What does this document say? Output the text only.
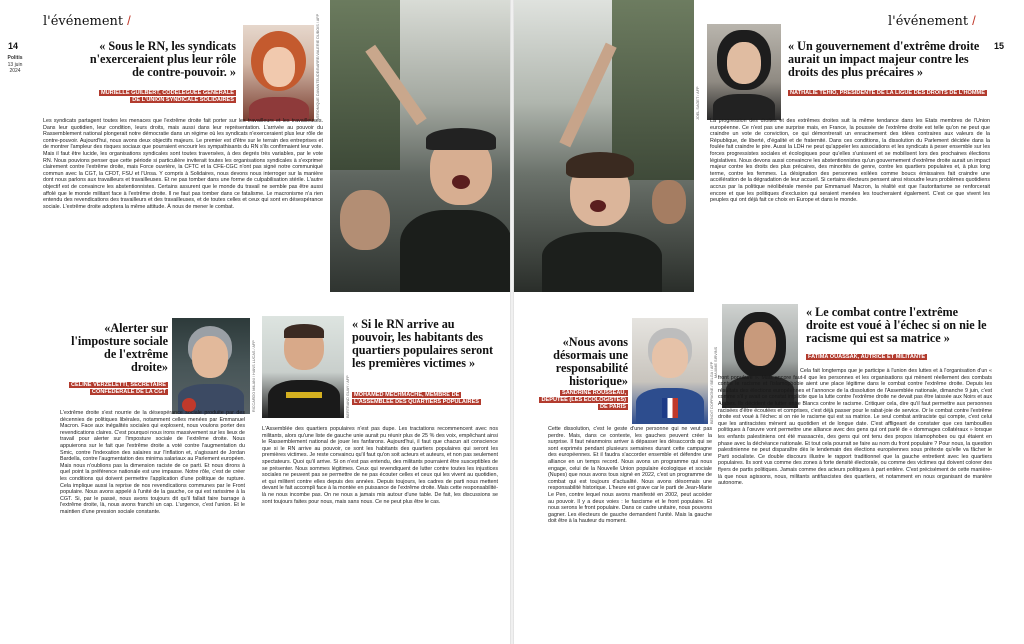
l'événement /
14
Politis
13 juin 2024
« Sous le RN, les syndicats n'exerceraient plus leur rôle de contre-pouvoir. »
MURIELLE GUILBERT, CODÉLÉGUÉE GÉNÉRALE DE L'UNION SYNDICALE SOLIDAIRES	VERONIQUE DAVANTEUDE/BARRE/VALERIE DUBOIS / AFP
Les syndicats partagent toutes les menaces que l'extrême droite fait porter sur les travailleurs et les travailleuses. Dans leur quotidien, leur condition, leurs droits, mais aussi dans leur représentation. L'arrivée au pouvoir du Rassemblement national plongerait notre démocratie dans un régime où les syndicats n'exerceraient plus leur rôle de contre-pouvoir. Aujourd'hui, nous avons deux objectifs majeurs. Le premier est d'être sur le terrain des entreprises et de montrer l'ampleur des risques sociaux que pourraient encourir les sympathisants du RN s'ils confirmaient leur vote. Mais il faut être lucide, les organisations syndicales sont toutes traversées, à des degrés très variables, par le vote RN. Nous pouvions penser que cette période si particulière inviterait toutes les organisations syndicales à s'exprimer clairement contre l'extrême droite, mais Force ouvrière, la CFTC et la CFE-CGC n'ont pas signé notre communiqué commun avec la CGT, la CFDT, FSU et l'Unsa. Y compris à Solidaires, nous devons nous interroger sur la manière dont nous parlons aux travailleurs et travailleuses. Et ne pas tomber dans une forme de culpabilisation stérile. L'autre objectif est de convaincre les abstentionnistes. Certains assurent que le monde du travail ne semble pas être aussi affolé que le monde militant face à l'extrême droite. Il ne faut pas tomber dans ce fatalisme. Le macronisme n'a rien entendu des revendications des travailleurs et des travailleuses, et de toutes celles et ceux qui sont en désespérance sociale. L'extrême droite adoptera la même attitude. À nous de mener le combat.
«Alerter sur l'imposture sociale de l'extrême droite»
CÉLINE VERZELETTI, SECRÉTAIRE CONFÉDÉRALE DE LA CGT	RICCARDO MILANI / HANS LUCAS / AFP
L'extrême droite s'est nourrie de la désespérance sociale produite par des décennies de politiques libérales, notamment celles menées par Emmanuel Macron. Face aux inégalités sociales qui explosent, nous voulons porter des revendications claires. C'est pourquoi nous irons massivement sur les lieux de travail pour alerter sur l'imposture sociale de l'extrême droite. Nous appuierons sur le fait que l'extrême droite a voté contre l'augmentation du Smic, contre l'indexation des salaires sur l'inflation et, s'agissant de Jordan Bardella, contre l'augmentation des minima salariaux au Parlement européen. Mais nous n'oublions pas la dimension raciste de ce parti. Et nous dirons à quel point la préférence nationale est une impasse. Notre rôle, c'est de créer les conditions qui doivent permettre l'application d'une politique de rupture. Cela implique aussi la reprise de nos revendications communes par le Front populaire. Nous avons appelé à l'unité de la gauche, ce qui est rarissime à la CGT. Si, par le passé, nous avons toujours dit qu'il fallait faire barrage à l'extrême droite, là, nous avons franchi un cap. L'urgence, c'est l'union. Et le maintien d'une pression sociale constante.
BERTRAND GUAY / AFP
« Si le RN arrive au pouvoir, les habitants des quartiers populaires seront les premières victimes »
MOHAMED MECHMACHE, MEMBRE DE L'ASSEMBLÉE DES QUARTIERS POPULAIRES
L'Assemblée des quartiers populaires n'est pas dupe. Les tractations recommencent avec nos militants, alors qu'une liste de gauche unie aurait pu réunir plus de 25 % des voix, empêchant ainsi le Rassemblement national de jouer les fanfarons. Aujourd'hui, il faut que chacun ait conscience que si le RN arrive au pouvoir, ce sont les habitants des quartiers populaires qui seront les premières victimes. Je reste convaincu qu'il faut qu'on soit acteurs et auteurs, et non pas seulement spectateurs. Quoi qu'il arrive. Si on n'est pas entendu, des militants pourraient être susceptibles de se présenter. Nous sommes légitimes. Ceux qui revendiquent de lutter contre toutes les injustices sociales ne peuvent pas se permettre de ne pas écouter celles et ceux qui les vivent au quotidien, et qui militent contre elles depuis des années. Depuis toujours, les cadres de parti nous mettent devant le fait accompli face à la montée en puissance de l'extrême droite. Mais cette responsabilité-là ne nous incombe pas. On ne nous a jamais mis autour d'une table. De fait, les discussions se sont toujours faites pour nous, mais sans nous. Ce ne peut plus être le cas.
l'événement /
15
JOEL SAGET / AFP
« Un gouvernement d'extrême droite aurait un impact majeur contre les droits des plus précaires »
NATHALIE TEHIO, PRÉSIDENTE DE LA LIGUE DES DROITS DE L'HOMME
La progression des droites et des extrêmes droites suit la même tendance dans les États membres de l'Union européenne. Ce n'est pas une surprise mais, en France, la poussée de l'extrême droite est telle qu'on ne peut que craindre un vote de conviction, ce qui démontrerait un enracinement des idées contraires aux valeurs de la République, de liberté, d'égalité et de fraternité. Dans ces conditions, la dissolution du Parlement décidée dans la foulée fait craindre le pire. Aussi la LDH ne peut qu'appeler les associations et les syndicats à peser ensemble sur les forces progressistes sociales et écologiques pour qu'elles s'unissent et se mobilisent lors des prochaines élections législatives. Nous devons aussi convaincre les abstentionnistes qu'un gouvernement d'extrême droite aurait un impact majeur contre les droits des plus précaires, des minorités de genre, contre les quartiers populaires et, à plus long terme, contre les femmes. La désignation des personnes exilées comme boucs émissaires fait craindre une accélération de la dégradation de leur accueil. Si certains électeurs pensent ainsi résoudre leurs problèmes quotidiens accrus par la politique néolibérale menée par Emmanuel Macron, la réalité est que l'autoritarisme se renforcerait encore et que les politiques d'exclusion qui seraient menées les toucheraient également. C'est ce que vivent les peuples qui ont déjà fait ce choix en Europe et dans le monde.
«Nous avons désormais une responsabilité historique»
SANDRINE ROUSSEAU, DÉPUTÉE (LES ÉCOLOGISTES) DE PARIS	BENOIT DOPPAGNE / BELGA / AFP
Cette dissolution, c'est le geste d'une personne qui ne veut pas perdre. Mais, dans ce contexte, les gauches peuvent créer la surprise. Il faut néanmoins arriver à dépasser les désaccords qui se sont exprimés pendant plusieurs semaines durant cette campagne des européennes. Et il faudra s'accorder ensemble et défendre une alliance en un temps record. Nous avons un programme qui nous engage, celui de la Nouvelle Union populaire écologique et sociale (Nupes) que nous avons tous signé en 2022, c'est un programme de combat qui est toujours d'actualité. Nous avons désormais une responsabilité historique. L'heure est grave car le parti de Jean-Marie Le Pen, contre lequel nous avons manifesté en 2002, peut accéder au pouvoir. Il y a deux voies : le fascisme et le front populaire. Et nous serons le front populaire. Dans ce cadre unitaire, nous pouvons gagner. Les électeurs de gauche demandent l'unité. Mais la gauche doit être à la hauteur du moment.
MAXIME SIRVINS
« Le combat contre l'extrême droite est voué à l'échec si on nie le racisme qui est sa matrice »
FATIMA OUASSAK, AUTRICE ET MILITANTE
Cela fait longtemps que je participe à l'union des luttes et à l'organisation d'un « front populaire ». Mais encore faut-il que les personnes et les organisations qui mènent réellement des combats contre le racisme et l'islamophobie aient une place légitime dans le combat contre l'extrême droite. Depuis les résultats des élections européennes et l'annonce de la dissolution de l'Assemblée nationale, dimanche 9 juin, c'est comme s'il y avait ce constat implicite que la lutte contre l'extrême droite ne devait pas être laissée aux Noirs et aux Arabes. Ils décident de lutter entre Blancs contre le racisme. Critiquer cela, dire qu'il faut permettre aux personnes racisées d'être écoutées et comprises, c'est déjà passer pour le rabat-joie de service. Or le combat contre l'extrême droite est voué à l'échec si on nie le racisme qui est sa matrice. Le seul combat antiraciste qui compte, c'est celui que les antiracistes mènent au quotidien et de longue date. C'est affligeant de constater que ces tambouilles politiques à l'œuvre vont permettre une alliance avec des gens qui ont parlé de « dommages collatéraux » lorsque les enfants palestiniens ont été massacrés, des gens qui ont tenu des propos islamophobes ou qui étaient en phase avec la déchéance nationale. Et tout cela pourrait se faire au nom du front populaire ? Pour nous, la question palestinienne ne peut disparaître dès le lendemain des élections européennes sous prétexte qu'elle va fâcher le Parti socialiste. Ce double discours illustre le rapport traditionnel que la gauche entretient avec les quartiers populaires. Ils sont vus comme des zones à forte densité électorale, ou comme des victimes qui doivent colorer des flyers de partis politiques. Jamais comme des acteurs politiques à part entière. C'est précisément de cette manière-là que nous agissons, nous, militants antifascistes des quartiers, et notamment en nous organisant de manière autonome.
